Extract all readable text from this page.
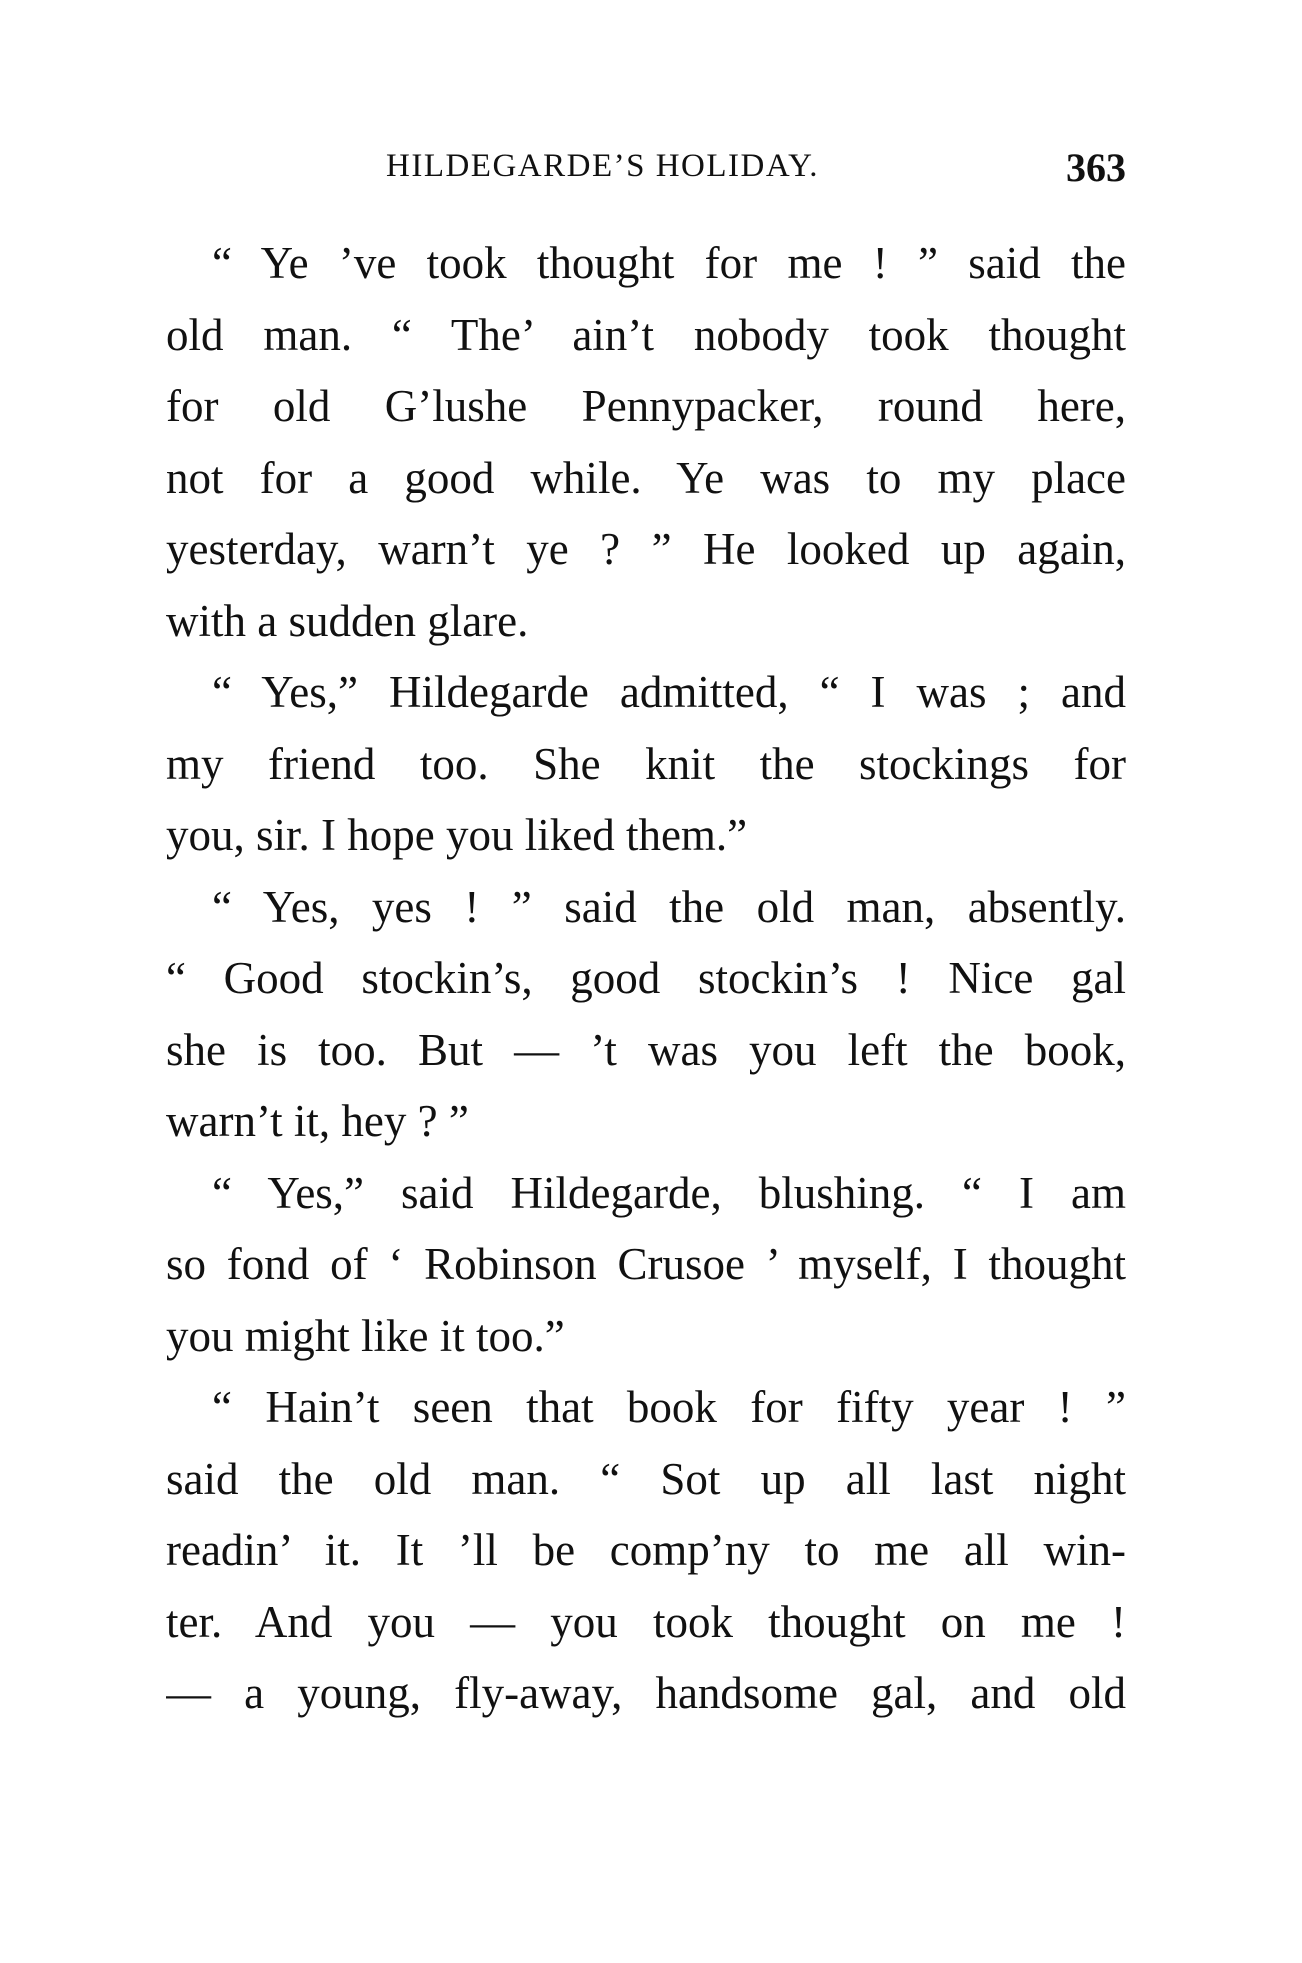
HILDEGARDE’S HOLIDAY.	363
“ Ye ’ve took thought for me ! ” said the
old man. “ The’ ain’t nobody took thought
for old G’lushe Pennypacker, round here,
not for a good while. Ye was to my place
yesterday, warn’t ye ? ” He looked up again,
with a sudden glare.
“ Yes,” Hildegarde admitted, “ I was ; and
my friend too. She knit the stockings for
you, sir. I hope you liked them.”
“ Yes, yes ! ” said the old man, absently.
“ Good stockin’s, good stockin’s ! Nice gal
she is too. But — ’t was you left the book,
warn’t it, hey ? ”
“ Yes,” said Hildegarde, blushing. “ I am
so fond of ‘ Robinson Crusoe ’ myself, I thought
you might like it too.”
“ Hain’t seen that book for fifty year ! ”
said the old man. “ Sot up all last night
readin’ it. It ’ll be comp’ny to me all win-
ter. And you — you took thought on me !
— a young, fly-away, handsome gal, and old
